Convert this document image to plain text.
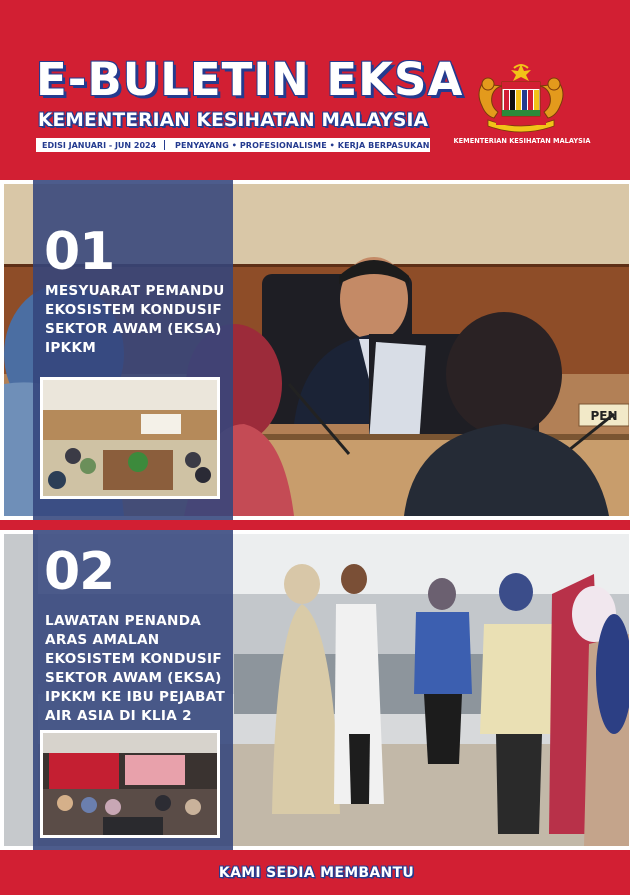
E-BULETIN EKSA
KEMENTERIAN KESIHATAN MALAYSIA
EDISI JANUARI - JUN 2024	PENYAYANG • PROFESIONALISME • KERJA BERPASUKAN	KEMENTERIAN KESIHATAN MALAYSIA
PEN
01
MESYUARAT PEMANDU EKOSISTEM KONDUSIF SEKTOR AWAM (EKSA) IPKKM
02
LAWATAN PENANDA ARAS AMALAN EKOSISTEM KONDUSIF SEKTOR AWAM (EKSA) IPKKM KE IBU PEJABAT AIR ASIA DI KLIA 2
KAMI SEDIA MEMBANTU
